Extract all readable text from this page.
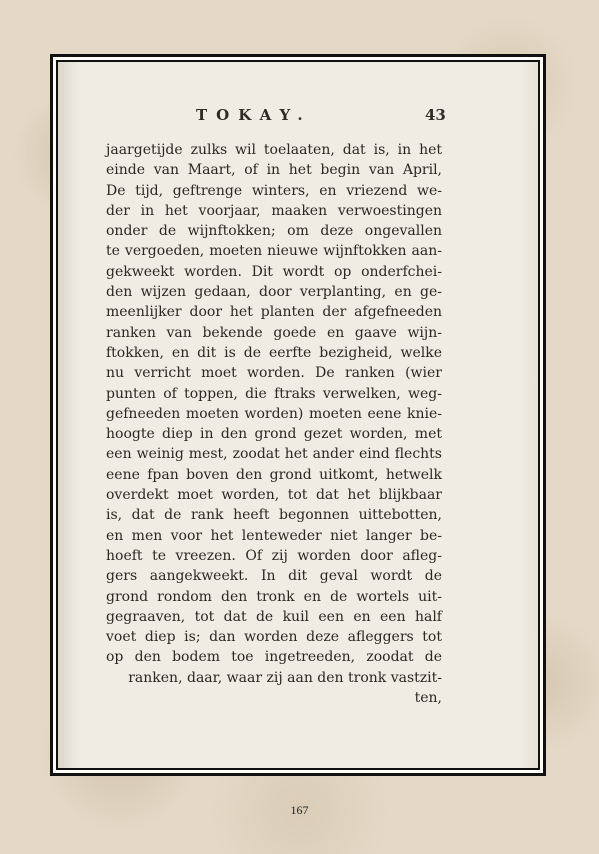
TOKAY.	43
jaargetijde zulks wil toelaaten, dat is, in het
einde van Maart, of in het begin van April,
De tijd, geftrenge winters, en vriezend we-
der in het voorjaar, maaken verwoestingen
onder de wijnftokken; om deze ongevallen
te vergoeden, moeten nieuwe wijnftokken aan-
gekweekt worden. Dit wordt op onderfchei-
den wijzen gedaan, door verplanting, en ge-
meenlijker door het planten der afgefneeden
ranken van bekende goede en gaave wijn-
ftokken, en dit is de eerfte bezigheid, welke
nu verricht moet worden. De ranken (wier
punten of toppen, die ftraks verwelken, weg-
gefneeden moeten worden) moeten eene knie-
hoogte diep in den grond gezet worden, met
een weinig mest, zoodat het ander eind flechts
eene fpan boven den grond uitkomt, hetwelk
overdekt moet worden, tot dat het blijkbaar
is, dat de rank heeft begonnen uittebotten,
en men voor het lenteweder niet langer be-
hoeft te vreezen. Of zij worden door afleg-
gers aangekweekt. In dit geval wordt de
grond rondom den tronk en de wortels uit-
gegraaven, tot dat de kuil een en een half
voet diep is; dan worden deze afleggers tot
op den bodem toe ingetreeden, zoodat de
ranken, daar, waar zij aan den tronk vastzit-
ten,
167
